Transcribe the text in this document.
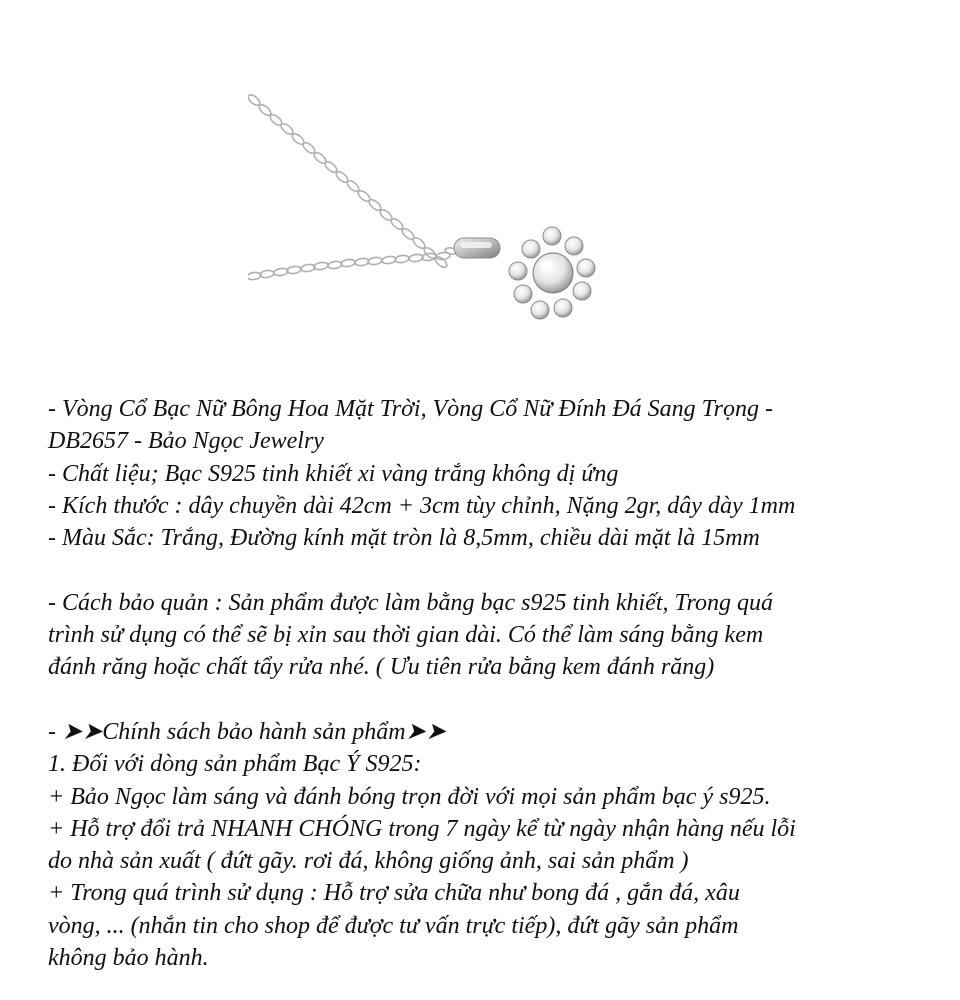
- Vòng Cổ Bạc Nữ Bông Hoa Mặt Trời, Vòng Cổ Nữ Đính Đá Sang Trọng -
DB2657 - Bảo Ngọc Jewelry
- Chất liệu; Bạc S925 tinh khiết xi vàng trắng không dị ứng
- Kích thước : dây chuyền dài 42cm + 3cm tùy chỉnh, Nặng 2gr, dây dày 1mm
- Màu Sắc: Trắng, Đường kính mặt tròn là 8,5mm, chiều dài mặt là 15mm
- Cách bảo quản : Sản phẩm được làm bằng bạc s925 tinh khiết, Trong quá
trình sử dụng có thể sẽ bị xỉn sau thời gian dài. Có thể làm sáng bằng kem
đánh răng hoặc chất tẩy rửa nhé. ( Ưu tiên rửa bằng kem đánh răng)
- ➤➤Chính sách bảo hành sản phẩm➤➤
1. Đối với dòng sản phẩm Bạc Ý S925:
+ Bảo Ngọc làm sáng và đánh bóng trọn đời với mọi sản phẩm bạc ý s925.
+ Hỗ trợ đổi trả NHANH CHÓNG trong 7 ngày kể từ ngày nhận hàng nếu lỗi
do nhà sản xuất ( đứt gãy. rơi đá, không giống ảnh, sai sản phẩm )
+ Trong quá trình sử dụng : Hỗ trợ sửa chữa như bong đá , gắn đá, xâu
vòng, ... (nhắn tin cho shop để được tư vấn trực tiếp), đứt gãy sản phẩm
không bảo hành.
